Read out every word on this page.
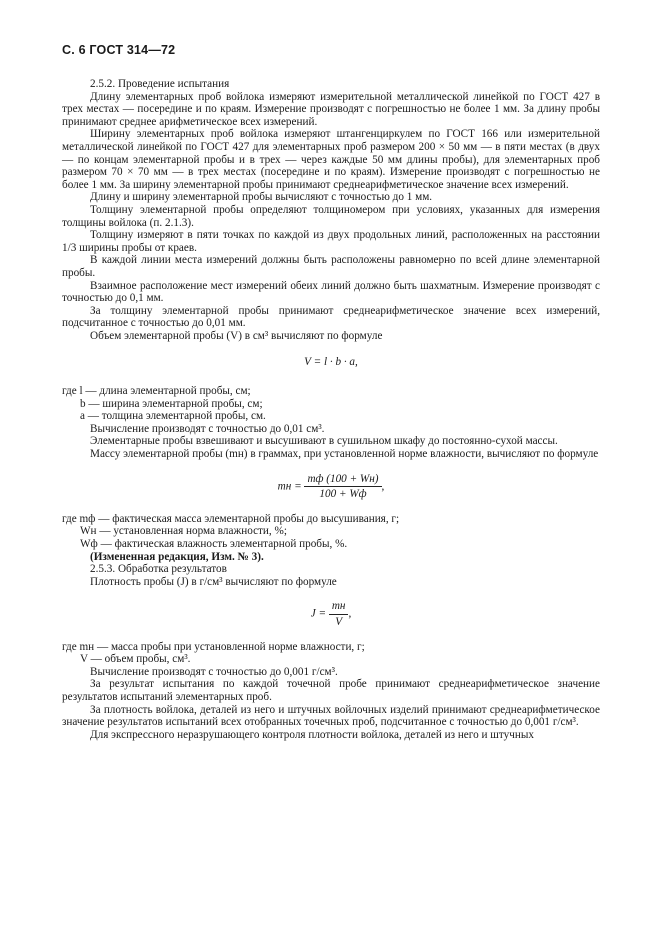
С. 6 ГОСТ 314—72

2.5.2. Проведение испытания

Длину элементарных проб войлока измеряют измерительной металлической линейкой по ГОСТ 427 в трех местах — посередине и по краям. Измерение производят с погрешностью не более 1 мм. За длину пробы принимают среднее арифметическое всех измерений.

Ширину элементарных проб войлока измеряют штангенциркулем по ГОСТ 166 или измерительной металлической линейкой по ГОСТ 427 для элементарных проб размером 200 × 50 мм — в пяти местах (в двух — по концам элементарной пробы и в трех — через каждые 50 мм длины пробы), для элементарных проб размером 70 × 70 мм — в трех местах (посередине и по краям). Измерение производят с погрешностью не более 1 мм. За ширину элементарной пробы принимают среднеарифметическое значение всех измерений.

Длину и ширину элементарной пробы вычисляют с точностью до 1 мм.

Толщину элементарной пробы определяют толщиномером при условиях, указанных для измерения толщины войлока (п. 2.1.3).

Толщину измеряют в пяти точках по каждой из двух продольных линий, расположенных на расстоянии 1/3 ширины пробы от краев.

В каждой линии места измерений должны быть расположены равномерно по всей длине элементарной пробы.

Взаимное расположение мест измерений обеих линий должно быть шахматным. Измерение производят с точностью до 0,1 мм.

За толщину элементарной пробы принимают среднеарифметическое значение всех измерений, подсчитанное с точностью до 0,01 мм.

Объем элементарной пробы (V) в см³ вычисляют по формуле

V = l · b · a,

где l — длина элементарной пробы, см;

b — ширина элементарной пробы, см;

a — толщина элементарной пробы, см.

Вычисление производят с точностью до 0,01 см³.

Элементарные пробы взвешивают и высушивают в сушильном шкафу до постоянно-сухой массы.

Массу элементарной пробы (mн) в граммах, при установленной норме влажности, вычисляют по формуле

mн = $\frac{mф (100 + Wн)}{100 + Wф}$ ,

где mф — фактическая масса элементарной пробы до высушивания, г;

Wн — установленная норма влажности, %;

Wф — фактическая влажность элементарной пробы, %.

(Измененная редакция, Изм. № 3).

2.5.3. Обработка результатов

Плотность пробы (J) в г/см³ вычисляют по формуле

$J = \frac{mн}{V}$ ,

где mн — масса пробы при установленной норме влажности, г;

V — объем пробы, см³.

Вычисление производят с точностью до 0,001 г/см³.

За результат испытания по каждой точечной пробе принимают среднеарифметическое значение результатов испытаний элементарных проб.

За плотность войлока, деталей из него и штучных войлочных изделий принимают среднеарифметическое значение результатов испытаний всех отобранных точечных проб, подсчитанное с точностью до 0,001 г/см³.

Для экспрессного неразрушающего контроля плотности войлока, деталей из него и штучных
